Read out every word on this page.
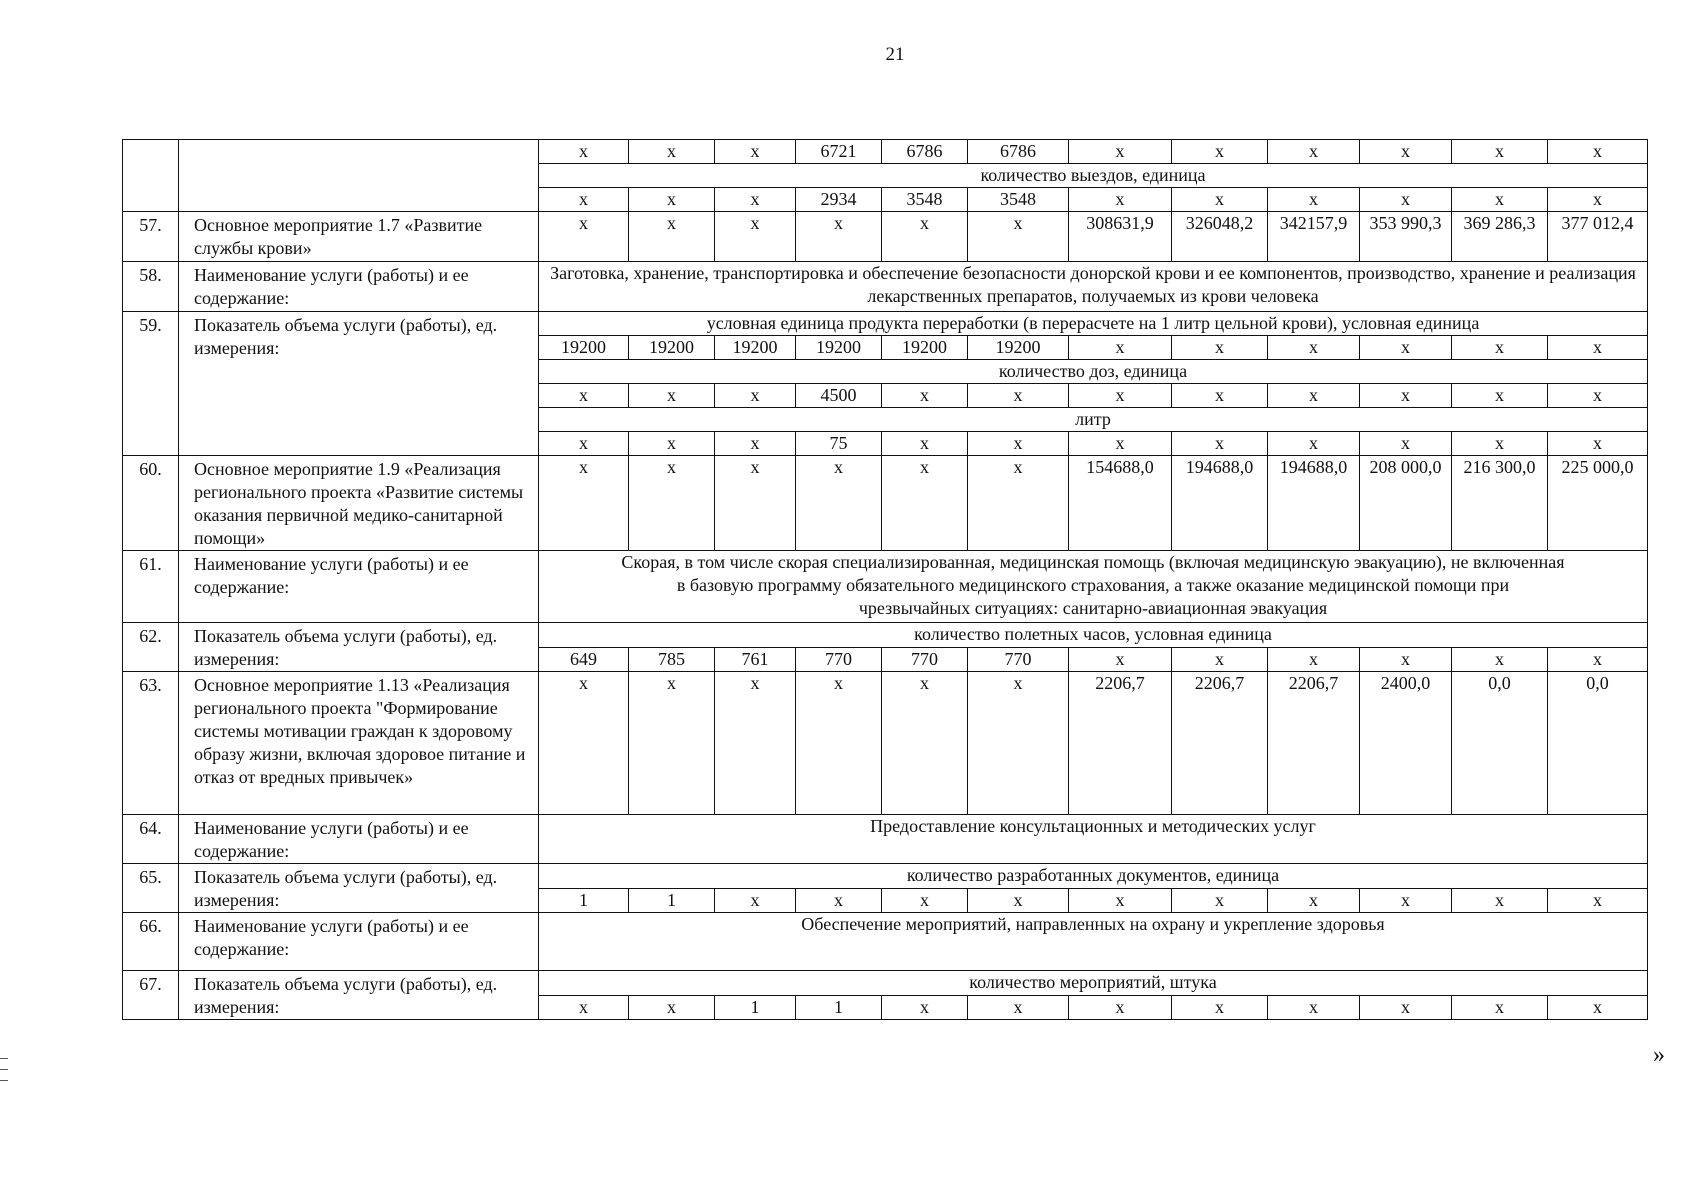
21
		x	x	x	6721	6786	6786	x	x	x	x	x	x
		количество выездов, единица											
		x	x	x	2934	3548	3548	x	x	x	x	x	x
57.	Основное мероприятие 1.7 «Развитие службы крови»	x	x	x	x	x	x	308631,9	326048,2	342157,9	353 990,3	369 286,3	377 012,4
58.	Наименование услуги (работы) и ее содержание:	Заготовка, хранение, транспортировка и обеспечение безопасности донорской крови и ее компонентов, производство, хранение и реализация лекарственных препаратов, получаемых из крови человека											
59.	Показатель объема услуги (работы), ед. измерения:	условная единица продукта переработки (в перерасчете на 1 литр цельной крови), условная единица											
		19200	19200	19200	19200	19200	19200	x	x	x	x	x	x
		количество доз, единица											
		x	x	x	4500	x	x	x	x	x	x	x	x
		литр											
		x	x	x	75	x	x	x	x	x	x	x	x
60.	Основное мероприятие 1.9 «Реализация регионального проекта «Развитие системы оказания первичной медико-санитарной помощи»	x	x	x	x	x	x	154688,0	194688,0	194688,0	208 000,0	216 300,0	225 000,0
61.	Наименование услуги (работы) и ее содержание:	Скорая, в том числе скорая специализированная, медицинская помощь (включая медицинскую эвакуацию), не включенная в базовую программу обязательного медицинского страхования, а также оказание медицинской помощи при чрезвычайных ситуациях: санитарно-авиационная эвакуация											
62.	Показатель объема услуги (работы), ед. измерения:	количество полетных часов, условная единица											
		649	785	761	770	770	770	x	x	x	x	x	x
63.	Основное мероприятие 1.13 «Реализация регионального проекта "Формирование системы мотивации граждан к здоровому образу жизни, включая здоровое питание и отказ от вредных привычек»	x	x	x	x	x	x	2206,7	2206,7	2206,7	2400,0	0,0	0,0
64.	Наименование услуги (работы) и ее содержание:	Предоставление консультационных и методических услуг											
65.	Показатель объема услуги (работы), ед. измерения:	количество разработанных документов, единица											
		1	1	x	x	x	x	x	x	x	x	x	x
66.	Наименование услуги (работы) и ее содержание:	Обеспечение мероприятий, направленных на охрану и укрепление здоровья											
67.	Показатель объема услуги (работы), ед. измерения:	количество мероприятий, штука											
		x	x	1	1	x	x	x	x	x	x	x	x
»
